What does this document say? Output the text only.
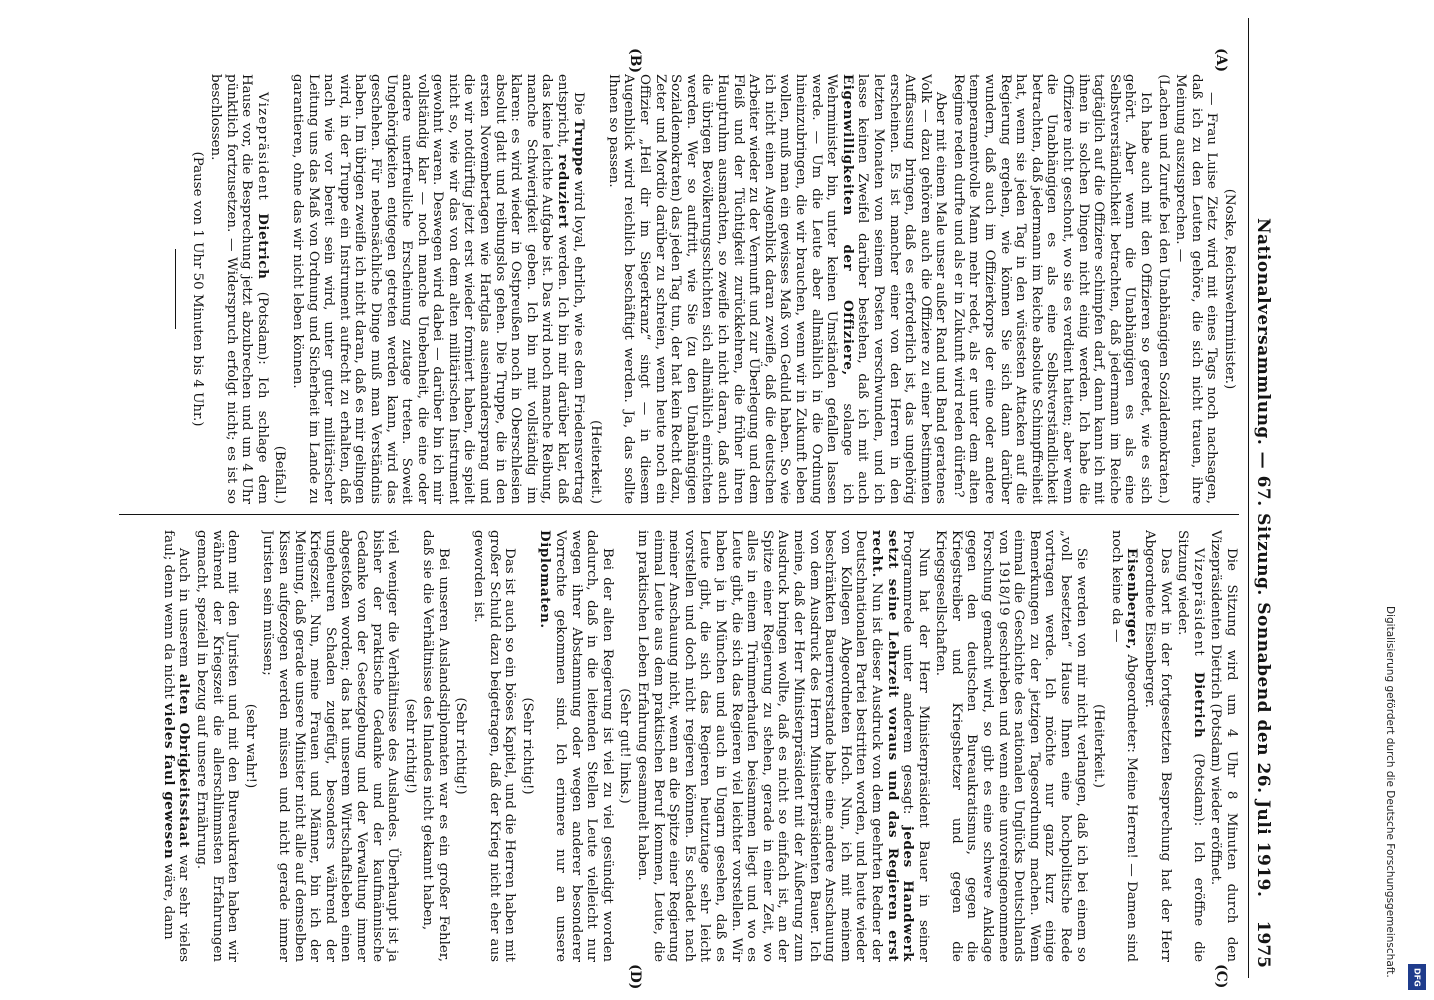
Nationalversammlung. — 67. Sitzung. Sonnabend den 26. Juli 1919.
1975
(A)
(B)
(C)
(D)

(Noske, Reichswehrminister.)

— Frau Luise Zietz wird mit eines Tags noch nachsagen, daß ich zu den Leuten gehöre, die sich nicht trauen, ihre Meinung auszusprechen. —

(Lachen und Zurufe bei den Unabhängigen Sozialdemokraten.)

Ich habe auch mit den Offizieren so geredet, wie es sich gehört. Aber wenn die Unabhängigen es als eine Selbstverständlichkeit betrachten, daß jedermann im Reiche tagtäglich auf die Offiziere schimpfen darf, dann kann ich mit ihnen in solchen Dingen nicht einig werden. Ich habe die Offiziere nicht geschont, wo sie es verdient hatten; aber wenn die Unabhängigen es als eine Selbstverständlichkeit betrachten, daß jedermann im Reiche absolute Schimpffreiheit hat, wenn sie jeden Tag in den wüstesten Attacken auf die Regierung ergehen, wie können Sie sich dann darüber wundern, daß auch im Offizierkorps der eine oder andere temperamentvolle Mann mehr redet, als er unter dem alten Regime reden durfte und als er in Zukunft wird reden dürfen?

Aber mit einem Male unser außer Rand und Band geratenes Volk — dazu gehören auch die Offiziere zu einer bestimmten Auffassung bringen, daß es erforderlich ist, das ungehörig erscheinen. Es ist mancher einer von den Herren in den letzten Monaten von seinem Posten verschwunden, und ich lasse keinen Zweifel darüber bestehen, daß ich mit auch Eigenwilligkeiten der Offiziere, solange ich Wehrminister bin, unter keinen Umständen gefallen lassen werde. — Um die Leute aber allmählich in die Ordnung hineinzubringen, die wir brauchen, wenn wir in Zukunft leben wollen, muß man ein gewisses Maß von Geduld haben. So wie ich nicht einen Augenblick daran zweifle, daß die deutschen Arbeiter wieder zu der Vernunft und zur Überlegung und dem Fleiß und der Tüchtigkeit zurückkehren, die früher ihren Hauptruhm ausmachten, so zweifle ich nicht daran, daß auch die übrigen Bevölkerungsschichten sich allmählich einrichten werden. Wer so auftritt, wie Sie (zu den Unabhängigen Sozialdemokraten) das jeden Tag tun, der hat kein Recht dazu, Zeter und Mordio darüber zu schreien, wenn heute noch ein Offizier „Heil dir im Siegerkranz“ singt — in diesem Augenblick wird reichlich beschäftigt werden. Ja, das sollte Ihnen so passen.

(Heiterkeit.)

Die Truppe wird loyal, ehrlich, wie es dem Friedensvertrag entspricht, reduziert werden. Ich bin mir darüber klar, daß das keine leichte Aufgabe ist. Das wird noch manche Reibung, manche Schwierigkeit geben. Ich bin mit vollständig im klaren: es wird wieder in Ostpreußen noch in Oberschlesien absolut glatt und reibungslos gehen. Die Truppe, die in den ersten Novembertagen wie Hartglas auseinandersprang und die wir notdürftig jetzt erst wieder formiert haben, die spielt nicht so, wie wir das von dem alten militärischen Instrument gewohnt waren. Deswegen wird dabei — darüber bin ich mir vollständig klar — noch manche Unebenheit, die eine oder andere unerfreuliche Erscheinung zutage treten. Soweit Ungehörigkeiten entgegen getreten werden kann, wird das geschehen. Für nebensächliche Dinge muß man Verständnis haben. Im übrigen zweifle ich nicht daran, daß es mir gelingen wird, in der Truppe ein Instrument aufrecht zu erhalten, daß nach wie vor bereit sein wird, unter guter militärischer Leitung uns das Maß von Ordnung und Sicherheit im Lande zu garantieren, ohne das wir nicht leben können.

(Beifall.)

Vizepräsident Dietrich (Potsdam): Ich schlage dem Hause vor, die Besprechung jetzt abzubrechen und um 4 Uhr pünktlich fortzusetzen. — Widerspruch erfolgt nicht; es ist so beschlossen.

(Pause von 1 Uhr 50 Minuten bis 4 Uhr.)

Die Sitzung wird um 4 Uhr 8 Minuten durch den Vizepräsidenten Dietrich (Potsdam) wieder eröffnet.

Vizepräsident Dietrich (Potsdam): Ich eröffne die Sitzung wieder.

Das Wort in der fortgesetzten Besprechung hat der Herr Abgeordnete Eisenberger.

Eisenberger, Abgeordneter: Meine Herren! — Damen sind noch keine da —

(Heiterkeit.)

Sie werden von mir nicht verlangen, daß ich bei einem so „voll besetzten“ Hause Ihnen eine hochpolitische Rede vortragen werde. Ich möchte nur ganz kurz einige Bemerkungen zu der jetzigen Tagesordnung machen. Wenn einmal die Geschichte des nationalen Unglücks Deutschlands von 1918/19 geschrieben und wenn eine unvoreingenommene Forschung gemacht wird, so gibt es eine schwere Anklage gegen den deutschen Bureaukratismus, gegen die Kriegstreiber und Kriegshetzer und gegen die Kriegsgesellschaften.

Nun hat der Herr Ministerpräsident Bauer in seiner Programmrede unter anderem gesagt: jedes Handwerk setzt seine Lehrzeit voraus und das Regieren erst recht. Nun ist dieser Ausdruck von dem geehrten Redner der Deutschnationalen Partei bestritten worden, und heute wieder von Kollegen Abgeordneten Hoch. Nun, ich mit meinem beschränkten Bauernverstande habe eine andere Anschauung von dem Ausdruck des Herrn Ministerpräsidenten Bauer. Ich meine, daß der Herr Ministerpräsident mit der Äußerung zum Ausdruck bringen wollte, daß es nicht so einfach ist, an der Spitze einer Regierung zu stehen, gerade in einer Zeit, wo alles in einem Trümmerhaufen beisammen liegt und wo es Leute gibt, die sich das Regieren viel leichter vorstellen. Wir haben ja in München und auch in Ungarn gesehen, daß es Leute gibt, die sich das Regieren heutzutage sehr leicht vorstellen und doch nicht regieren können. Es schadet nach meiner Anschauung nicht, wenn an die Spitze einer Regierung einmal Leute aus dem praktischen Beruf kommen, Leute, die im praktischen Leben Erfahrung gesammelt haben.

(Sehr gut! links.)

Bei der alten Regierung ist viel zu viel gesündigt worden dadurch, daß in die leitenden Stellen Leute vielleicht nur wegen ihrer Abstammung oder wegen anderer besonderer Vorrechte gekommen sind. Ich erinnere nur an unsere Diplomaten.

(Sehr richtig!)

Das ist auch so ein böses Kapitel, und die Herren haben mit großer Schuld dazu beigetragen, daß der Krieg nicht eher aus geworden ist.

(Sehr richtig!)

Bei unseren Auslandsdiplomaten war es ein großer Fehler, daß sie die Verhältnisse des Inlandes nicht gekannt haben,

(sehr richtig!)

viel weniger die Verhältnisse des Auslandes. Überhaupt ist ja bisher der praktische Gedanke und der kaufmännische Gedanke von der Gesetzgebung und der Verwaltung immer abgestoßen worden; das hat unserem Wirtschaftsleben einen ungeheuren Schaden zugefügt, besonders während der Kriegszeit. Nun, meine Frauen und Männer, bin ich der Meinung, daß gerade unsere Minister nicht alle auf demselben Kissen aufgezogen werden müssen und nicht gerade immer Juristen sein müssen;

(sehr wahr!)

denn mit den Juristen und mit den Bureaukraten haben wir während der Kriegszeit die allerschlimmsten Erfahrungen gemacht, speziell in bezug auf unsere Ernährung.

Auch in unserem alten Obrigkeitsstaat war sehr vieles faul; denn wenn da nicht vieles faul gewesen wäre, dann	Digitalisierung gefördert durch die Deutsche Forschungsgemeinschaft.	DFG
